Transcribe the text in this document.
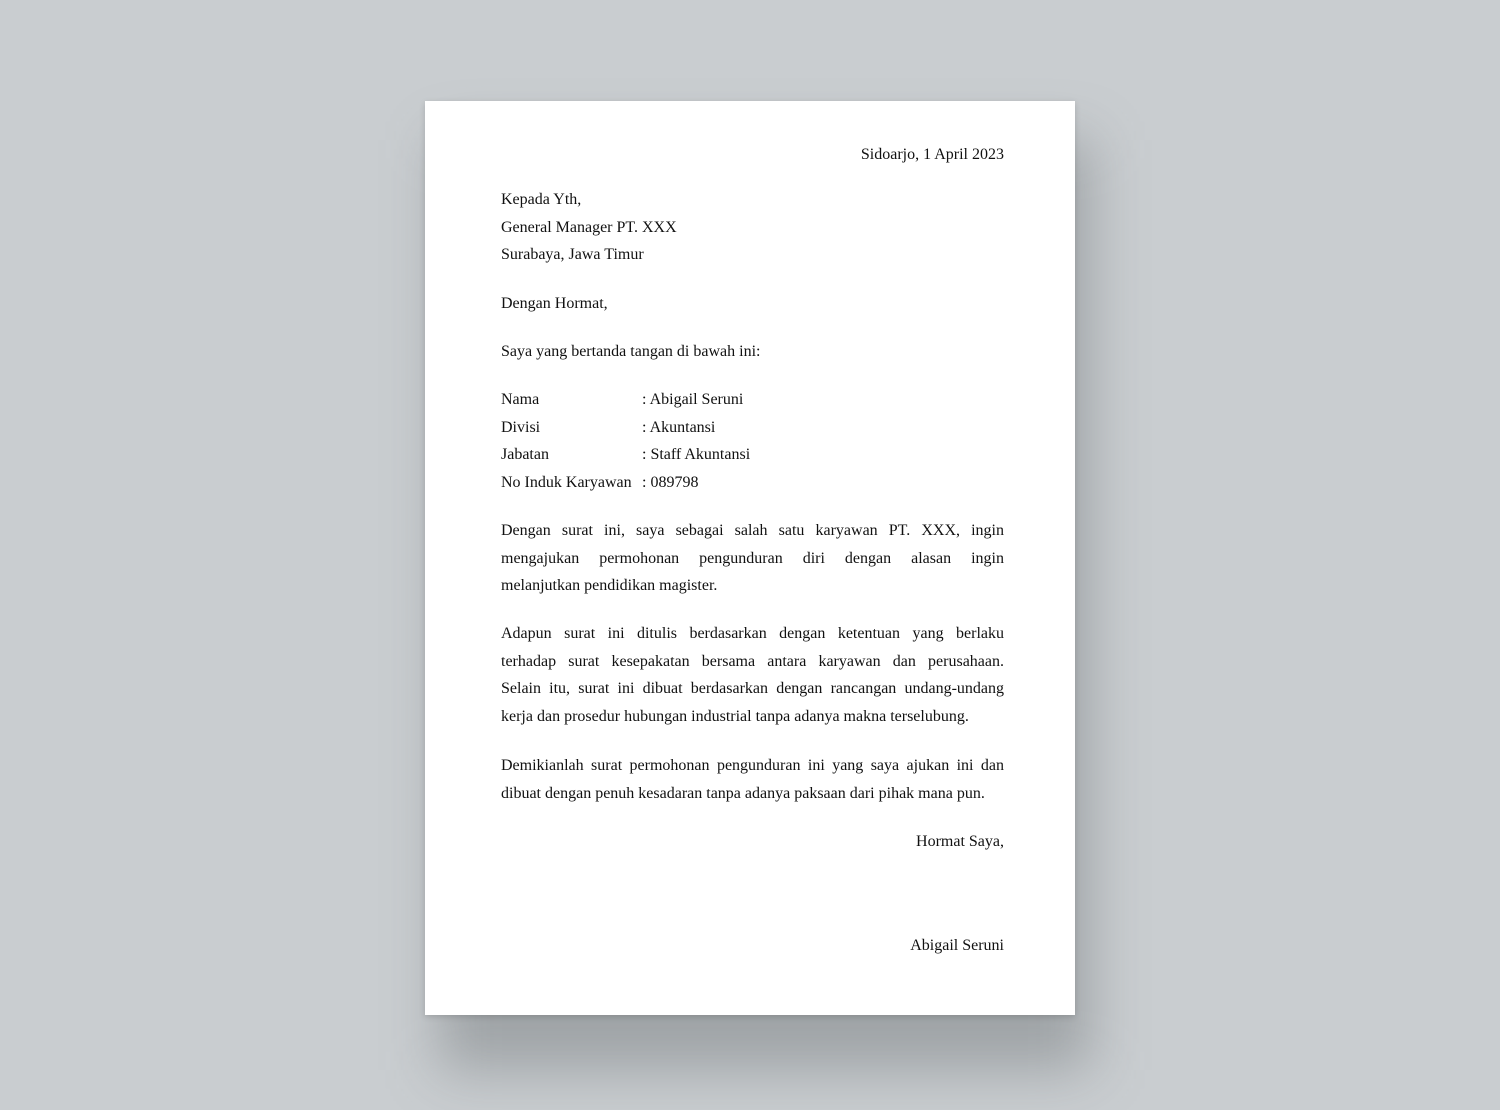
Sidoarjo, 1 April 2023
Kepada Yth,
General Manager PT. XXX
Surabaya, Jawa Timur
Dengan Hormat,
Saya yang bertanda tangan di bawah ini:
Nama	: Abigail Seruni
Divisi	: Akuntansi
Jabatan	: Staff Akuntansi
No Induk Karyawan : 089798
Dengan surat ini, saya sebagai salah satu karyawan PT. XXX, ingin
mengajukan permohonan pengunduran diri dengan alasan ingin
melanjutkan pendidikan magister.
Adapun surat ini ditulis berdasarkan dengan ketentuan yang berlaku
terhadap surat kesepakatan bersama antara karyawan dan perusahaan.
Selain itu, surat ini dibuat berdasarkan dengan rancangan undang-undang
kerja dan prosedur hubungan industrial tanpa adanya makna terselubung.
Demikianlah surat permohonan pengunduran ini yang saya ajukan ini dan
dibuat dengan penuh kesadaran tanpa adanya paksaan dari pihak mana pun.
Hormat Saya,
Abigail Seruni
